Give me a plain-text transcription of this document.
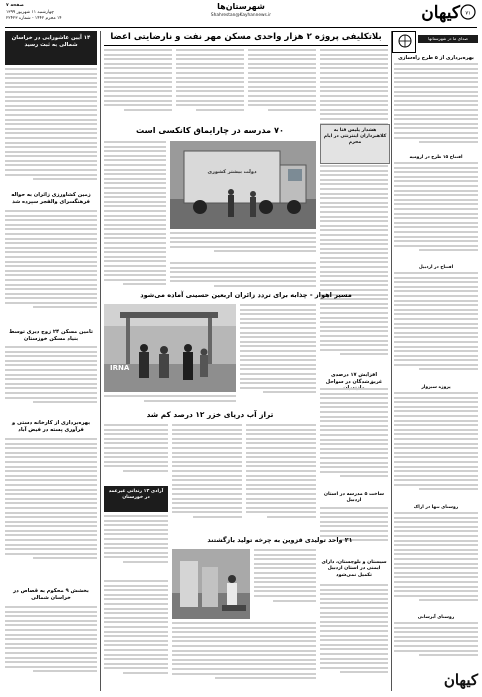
۷۱
کیهان
شهرستان‌ها
Shahrestan@Kayhannews.ir
صفحه ۷
چهارشنبه ۱۱ شهریور ۱۳۹۹
۱۴ محرم ۱۴۴۲ - شماره ۲۲۴۲۳
صدای ما در شهرستانها
بهره‌برداری از ۵ طرح راه‌سازی
افتتاح ۱۵ طرح در ارومیه
افتتاح در اردبیل
پروژه سبزوار
روستای تنها در اراک
روستای آبرسانی
کیهان
بلاتکلیفی پروژه ۲ هزار واحدی مسکن مهر نفت و نارضایتی اعضا
هشدار پلیس فتا به کلاهبرداران اینترنتی در ایام محرم
۷۰ مدرسه در چارایماق کانکسی است
دولت بیشتر کشوری
مسیر اهواز - چذابه برای تردد زائران اربعین حسینی آماده می‌شود
IRNA
افزایش ۱۷ درصدی غریق‌شدگان در سواحل
تراز آب دریای خزر ۱۲ درصد کم شد
آزادی ۱۳ زندانی غیرعمد در خوزستان
ساخت ۵ مدرسه در استان اردبیل
۲۱ واحد تولیدی قزوین به چرخه تولید بازگشتند
سیستان و بلوچستان، دارای ایمنی در استان اردبیل تکمیل نمی‌شود
۱۴ آیین عاشورایی در خراسان شمالی به ثبت رسید
زمین کشاورزی زائران به حواله فرهنگسرای والفجر سپرده شد
تامین مسکن ۲۴ زوج دیری توسط بنیاد مسکن خوزستان
بهره‌برداری از کارخانه دستی و فرآوری پسته در فیض آباد
بخشش ۹ محکوم به قصاص در خراسان شمالی
